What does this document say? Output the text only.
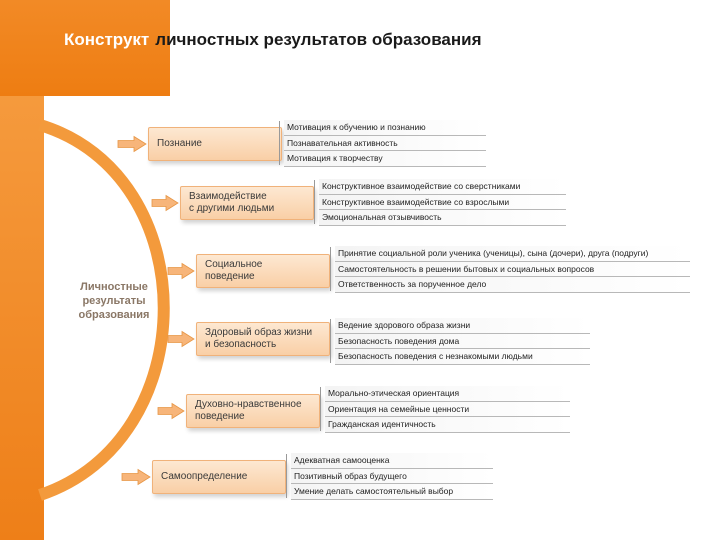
Конструкт личностных результатов образования
Личностные
результаты
образования
Познание
Мотивация к обучению и познанию
Познавательная активность
Мотивация к творчеству
Взаимодействие
с другими людьми
Конструктивное взаимодействие со сверстниками
Конструктивное взаимодействие со взрослыми
Эмоциональная отзывчивость
Социальное
поведение
Принятие социальной роли ученика (ученицы), сына (дочери), друга (подруги)
Самостоятельность в решении бытовых и социальных вопросов
Ответственность за порученное дело
Здоровый образ жизни
и безопасность
Ведение здорового образа жизни
Безопасность поведения дома
Безопасность поведения с незнакомыми людьми
Духовно-нравственное
поведение
Морально-этическая ориентация
Ориентация на семейные ценности
Гражданская идентичность
Самоопределение
Адекватная самооценка
Позитивный образ будущего
Умение делать самостоятельный выбор
